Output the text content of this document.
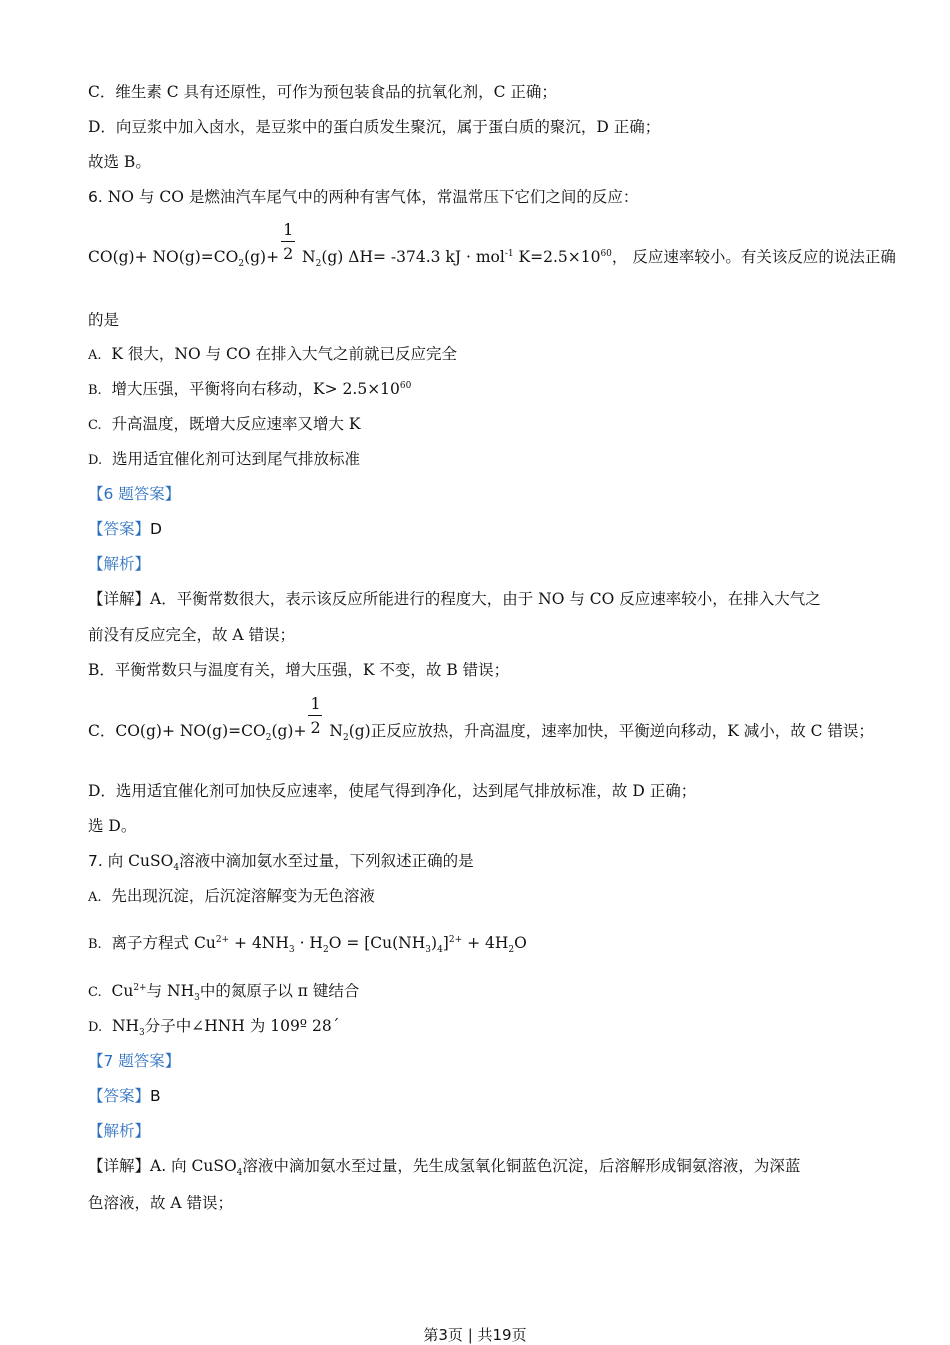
C．维生素 C 具有还原性，可作为预包装食品的抗氧化剂，C 正确；
D．向豆浆中加入卤水，是豆浆中的蛋白质发生聚沉，属于蛋白质的聚沉，D 正确；
故选 B。
6. NO 与 CO 是燃油汽车尾气中的两种有害气体，常温常压下它们之间的反应：
$CO(g)+ NO(g)=CO_2(g)+ \frac{1}{2} N_2(g)$ ΔH= -374.3 kJ · mol$^{-1}$ $K=2.5\times 10^{60}$， 反应速率较小。有关该反应的说法正确
的是
A. K 很大，NO 与 CO 在排入大气之前就已反应完全
B. 增大压强，平衡将向右移动，$K> 2.5\times 10^{60}$
C. 升高温度，既增大反应速率又增大 K
D. 选用适宜催化剂可达到尾气排放标准
【6 题答案】
【答案】D
【解析】
【详解】A．平衡常数很大，表示该反应所能进行的程度大，由于 NO 与 CO 反应速率较小，在排入大气之
前没有反应完全，故 A 错误；
B．平衡常数只与温度有关，增大压强，K 不变，故 B 错误；
C．$CO(g)+ NO(g)=CO_2(g)+ \frac{1}{2} N_2(g)$正反应放热，升高温度，速率加快，平衡逆向移动，K 减小，故 C 错误；
D．选用适宜催化剂可加快反应速率，使尾气得到净化，达到尾气排放标准，故 D 正确；
选 D。
7. 向 CuSO$_4$溶液中滴加氨水至过量，下列叙述正确的是
A. 先出现沉淀，后沉淀溶解变为无色溶液
B. 离子方程式 $Cu^{2+} + 4NH_3 \cdot H_2O = [Cu(NH_3)_4]^{2+} + 4H_2O$
C. $Cu^{2+}$与 $NH_3$中的氮原子以 π 键结合
D. $NH_3$分子中∠HNH 为 109º 28´
【7 题答案】
【答案】B
【解析】
【详解】A. 向 CuSO$_4$溶液中滴加氨水至过量，先生成氢氧化铜蓝色沉淀，后溶解形成铜氨溶液，为深蓝
色溶液，故 A 错误；
第3页 | 共19页
